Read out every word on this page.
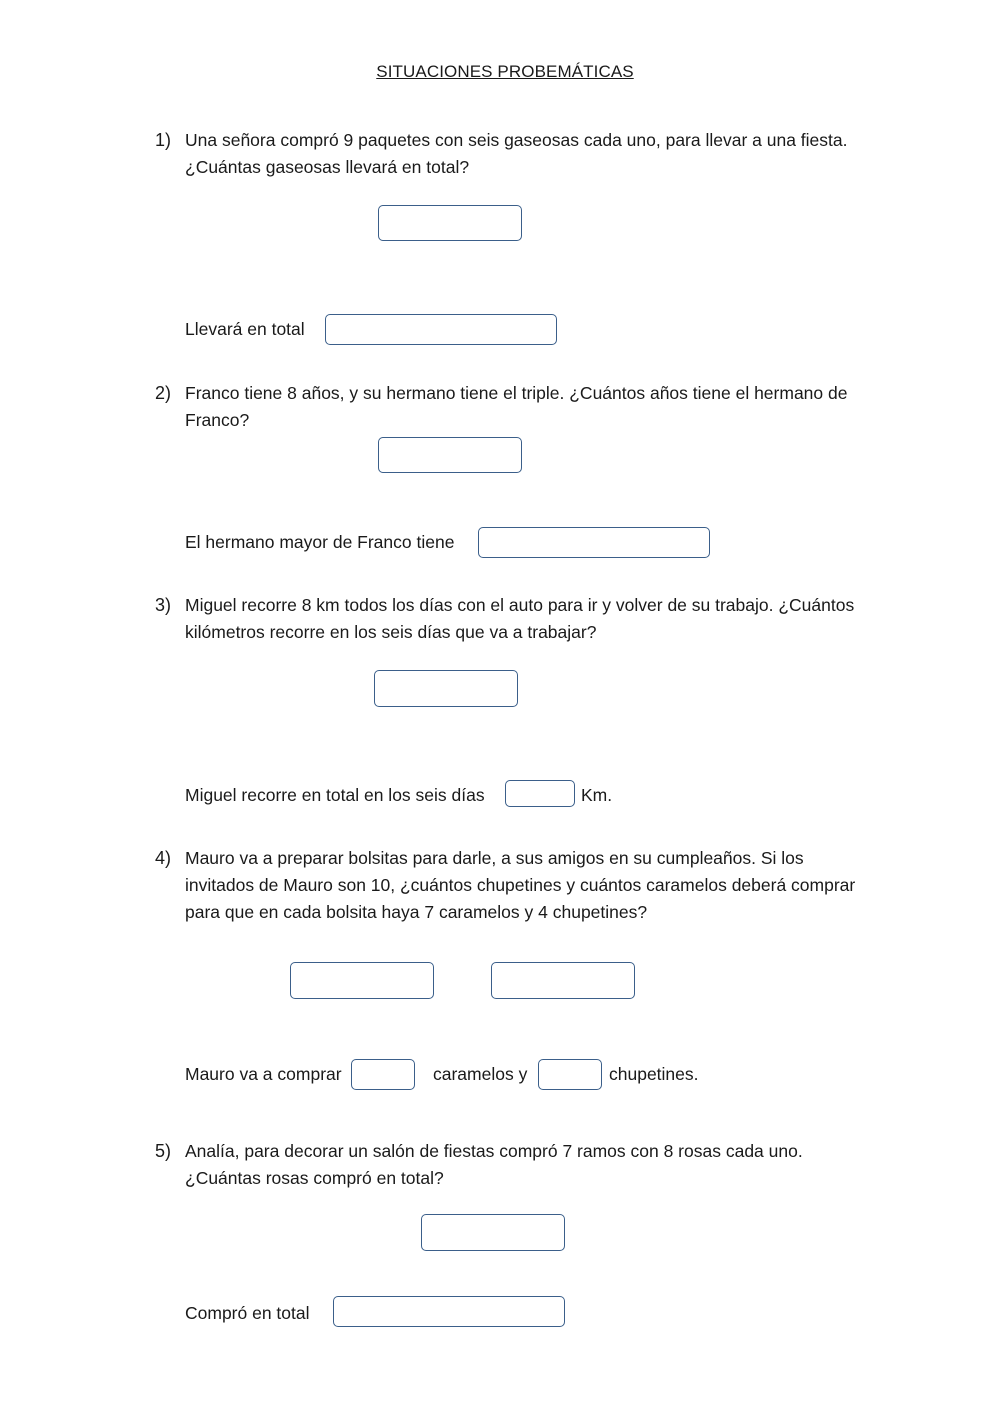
SITUACIONES PROBEMÁTICAS
1) Una señora compró 9 paquetes con seis gaseosas cada uno, para llevar a una fiesta. ¿Cuántas gaseosas llevará en total?
Llevará en total
2) Franco tiene 8 años, y su hermano tiene el triple. ¿Cuántos años tiene el hermano de Franco?
El hermano mayor de Franco tiene
3) Miguel recorre 8 km todos los días con el auto para ir y volver de su trabajo. ¿Cuántos kilómetros recorre en los seis días que va a trabajar?
Miguel recorre en total en los seis días	Km.
4) Mauro va a preparar bolsitas para darle, a sus amigos en su cumpleaños. Si los invitados de Mauro son 10, ¿cuántos chupetines y cuántos caramelos deberá comprar para que en cada bolsita haya 7 caramelos y 4 chupetines?
Mauro va a comprar	caramelos y	chupetines.
5) Analía, para decorar un salón de fiestas compró 7 ramos con 8 rosas cada uno. ¿Cuántas rosas compró en total?
Compró en total
